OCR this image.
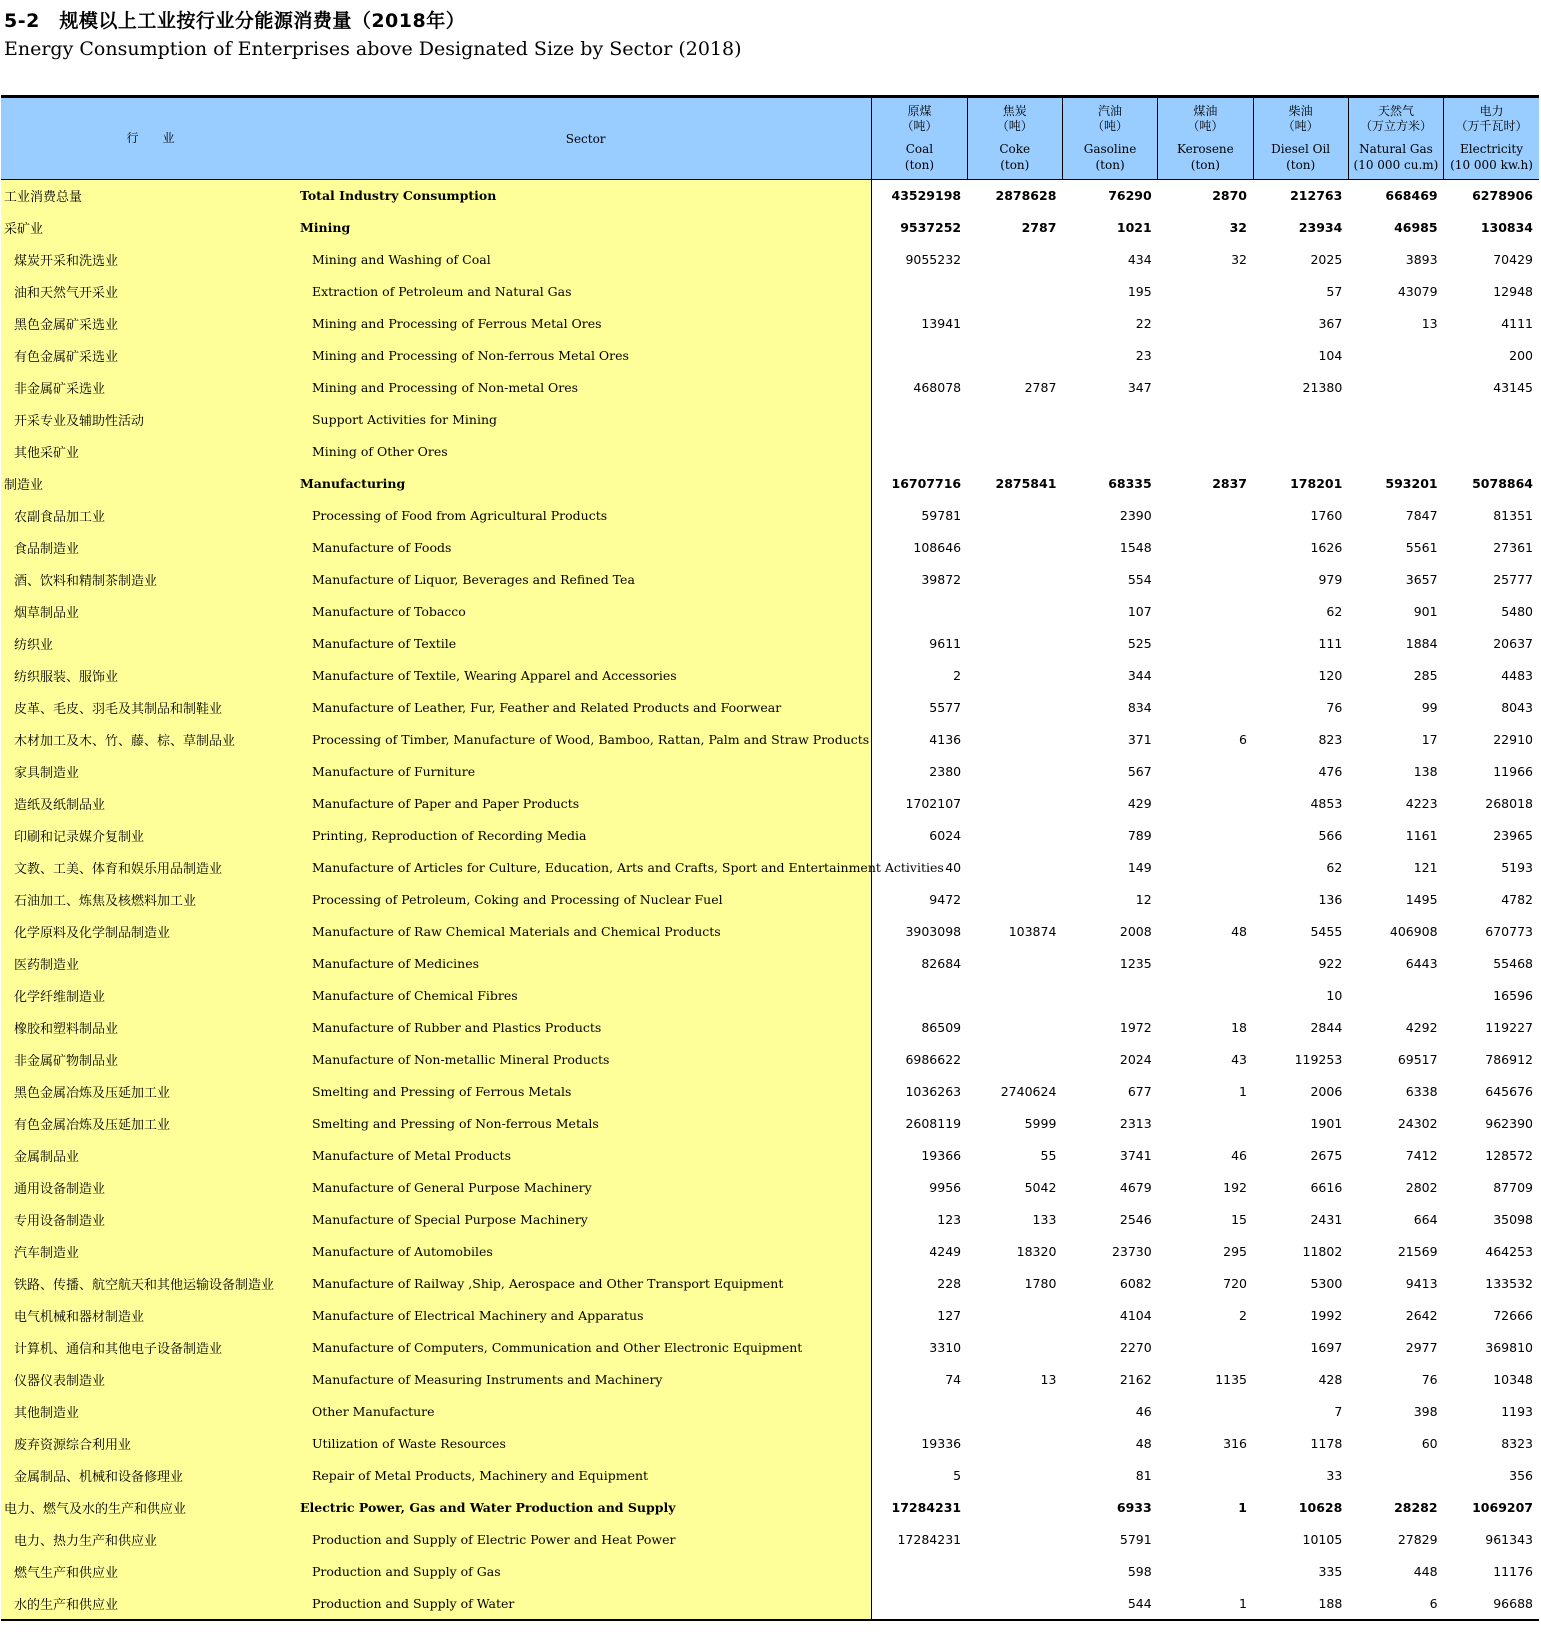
5-2　规模以上工业按行业分能源消费量（2018年）
Energy Consumption of Enterprises above Designated Size by Sector (2018)
行　　业	Sector	原煤
（吨）
Coal
(ton)	焦炭
（吨）
Coke
(ton)	汽油
（吨）
Gasoline
(ton)	煤油
（吨）
Kerosene
(ton)	柴油
（吨）
Diesel Oil
(ton)	天然气
（万立方米）
Natural Gas
(10 000 cu.m)	电力
（万千瓦时）
Electricity
(10 000 kw.h)

工业消费总量	Total Industry Consumption	43529198	2878628	76290	2870	212763	668469	6278906
采矿业	Mining	9537252	2787	1021	32	23934	46985	130834
煤炭开采和洗选业	Mining and Washing of Coal	9055232		434	32	2025	3893	70429
油和天然气开采业	Extraction of Petroleum and Natural Gas			195		57	43079	12948
黑色金属矿采选业	Mining and Processing of Ferrous Metal Ores	13941		22		367	13	4111
有色金属矿采选业	Mining and Processing of Non-ferrous Metal Ores			23		104		200
非金属矿采选业	Mining and Processing of Non-metal Ores	468078	2787	347		21380		43145
开采专业及辅助性活动	Support Activities for Mining							
其他采矿业	Mining of Other Ores							
制造业	Manufacturing	16707716	2875841	68335	2837	178201	593201	5078864
农副食品加工业	Processing of Food from Agricultural Products	59781		2390		1760	7847	81351
食品制造业	Manufacture of Foods	108646		1548		1626	5561	27361
酒、饮料和精制茶制造业	Manufacture of Liquor, Beverages and Refined Tea	39872		554		979	3657	25777
烟草制品业	Manufacture of Tobacco			107		62	901	5480
纺织业	Manufacture of Textile	9611		525		111	1884	20637
纺织服装、服饰业	Manufacture of Textile, Wearing Apparel and Accessories	2		344		120	285	4483
皮革、毛皮、羽毛及其制品和制鞋业	Manufacture of Leather, Fur, Feather and Related Products and Foorwear	5577		834		76	99	8043
木材加工及木、竹、藤、棕、草制品业	Processing of Timber, Manufacture of Wood, Bamboo, Rattan, Palm and Straw Products	4136		371	6	823	17	22910
家具制造业	Manufacture of Furniture	2380		567		476	138	11966
造纸及纸制品业	Manufacture of Paper and Paper Products	1702107		429		4853	4223	268018
印刷和记录媒介复制业	Printing, Reproduction of Recording Media	6024		789		566	1161	23965
文教、工美、体育和娱乐用品制造业	Manufacture of Articles for Culture, Education, Arts and Crafts, Sport and Entertainment Activities	40		149		62	121	5193
石油加工、炼焦及核燃料加工业	Processing of Petroleum, Coking and Processing of Nuclear Fuel	9472		12		136	1495	4782
化学原料及化学制品制造业	Manufacture of Raw Chemical Materials and Chemical Products	3903098	103874	2008	48	5455	406908	670773
医药制造业	Manufacture of Medicines	82684		1235		922	6443	55468
化学纤维制造业	Manufacture of Chemical Fibres					10		16596
橡胶和塑料制品业	Manufacture of Rubber and Plastics Products	86509		1972	18	2844	4292	119227
非金属矿物制品业	Manufacture of Non-metallic Mineral Products	6986622		2024	43	119253	69517	786912
黑色金属冶炼及压延加工业	Smelting and Pressing of Ferrous Metals	1036263	2740624	677	1	2006	6338	645676
有色金属冶炼及压延加工业	Smelting and Pressing of Non-ferrous Metals	2608119	5999	2313		1901	24302	962390
金属制品业	Manufacture of Metal Products	19366	55	3741	46	2675	7412	128572
通用设备制造业	Manufacture of General Purpose Machinery	9956	5042	4679	192	6616	2802	87709
专用设备制造业	Manufacture of Special Purpose Machinery	123	133	2546	15	2431	664	35098
汽车制造业	Manufacture of Automobiles	4249	18320	23730	295	11802	21569	464253
铁路、传播、航空航天和其他运输设备制造业	Manufacture of Railway ,Ship, Aerospace and Other Transport Equipment	228	1780	6082	720	5300	9413	133532
电气机械和器材制造业	Manufacture of Electrical Machinery and Apparatus	127		4104	2	1992	2642	72666
计算机、通信和其他电子设备制造业	Manufacture of Computers, Communication and Other Electronic Equipment	3310		2270		1697	2977	369810
仪器仪表制造业	Manufacture of Measuring Instruments and Machinery	74	13	2162	1135	428	76	10348
其他制造业	Other Manufacture			46		7	398	1193
废弃资源综合利用业	Utilization of Waste Resources	19336		48	316	1178	60	8323
金属制品、机械和设备修理业	Repair of Metal Products, Machinery and Equipment	5		81		33		356
电力、燃气及水的生产和供应业	Electric Power, Gas and Water Production and Supply	17284231		6933	1	10628	28282	1069207
电力、热力生产和供应业	Production and Supply of Electric Power and Heat Power	17284231		5791		10105	27829	961343
燃气生产和供应业	Production and Supply of Gas			598		335	448	11176
水的生产和供应业	Production and Supply of Water			544	1	188	6	96688
